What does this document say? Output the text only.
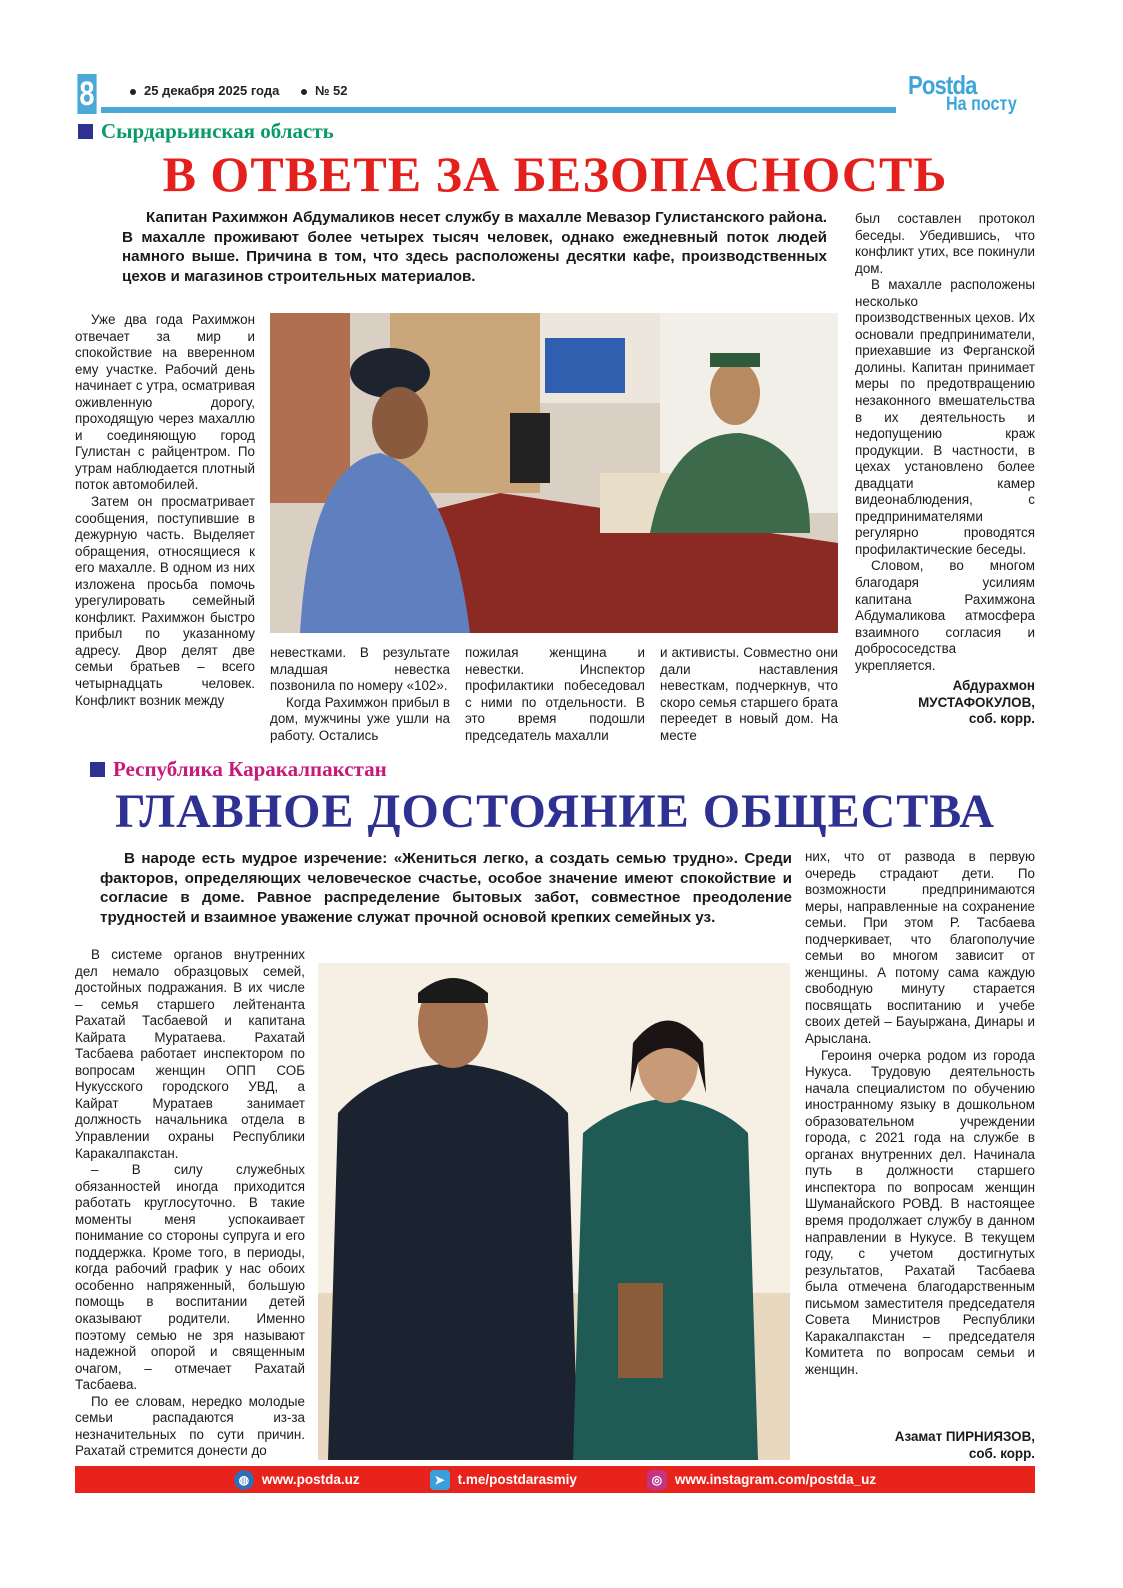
8	25 декабря 2025 года	№ 52	Postda
На посту
Сырдарьинская область
В ОТВЕТЕ ЗА БЕЗОПАСНОСТЬ
Капитан Рахимжон Абдумаликов несет службу в махалле Мевазор Гулистанского района. В махалле проживают более четырех тысяч человек, однако ежедневный поток людей намного выше. Причина в том, что здесь расположены десятки кафе, производственных цехов и магазинов строительных материалов.

Уже два года Рахимжон отвечает за мир и спокойствие на вверенном ему участке. Рабочий день начинает с утра, осматривая оживленную дорогу, проходящую через махаллю и соединяющую город Гулистан с райцентром. По утрам наблюдается плотный поток автомобилей.

Затем он просматривает сообщения, поступившие в дежурную часть. Выделяет обращения, относящиеся к его махалле. В одном из них изложена просьба помочь урегулировать семейный конфликт. Рахимжон быстро прибыл по указанному адресу. Двор делят две семьи братьев – всего четырнадцать человек. Конфликт возник между

невестками. В результате младшая невестка позвонила по номеру «102».

Когда Рахимжон прибыл в дом, мужчины уже ушли на работу. Остались

пожилая женщина и невестки. Инспектор профилактики побеседовал с ними по отдельности. В это время подошли председатель махалли

и активисты. Совместно они дали наставления невесткам, подчеркнув, что скоро семья старшего брата переедет в новый дом. На месте

был составлен протокол беседы. Убедившись, что конфликт утих, все покинули дом.

В махалле расположены несколько производственных цехов. Их основали предприниматели, приехавшие из Ферганской долины. Капитан принимает меры по предотвращению незаконного вмешательства в их деятельность и недопущению краж продукции. В частности, в цехах установлено более двадцати камер видеонаблюдения, с предпринимателями регулярно проводятся профилактические беседы.

Словом, во многом благодаря усилиям капитана Рахимжона Абдумаликова атмосфера взаимного согласия и добрососедства укрепляется.

Абдурахмон
МУСТАФОКУЛОВ,
соб. корр.
Республика Каракалпакстан
ГЛАВНОЕ ДОСТОЯНИЕ ОБЩЕСТВА
В народе есть мудрое изречение: «Жениться легко, а создать семью трудно». Среди факторов, определяющих человеческое счастье, особое значение имеют спокойствие и согласие в доме. Равное распределение бытовых забот, совместное преодоление трудностей и взаимное уважение служат прочной основой крепких семейных уз.

В системе органов внутренних дел немало образцовых семей, достойных подражания. В их числе – семья старшего лейтенанта Рахатай Тасбаевой и капитана Кайрата Муратаева. Рахатай Тасбаева работает инспектором по вопросам женщин ОПП СОБ Нукусского городского УВД, а Кайрат Муратаев занимает должность начальника отдела в Управлении охраны Республики Каракалпакстан.

– В силу служебных обязанностей иногда приходится работать круглосуточно. В такие моменты меня успокаивает понимание со стороны супруга и его поддержка. Кроме того, в периоды, когда рабочий график у нас обоих особенно напряженный, большую помощь в воспитании детей оказывают родители. Именно поэтому семью не зря называют надежной опорой и священным очагом, – отмечает Рахатай Тасбаева.

По ее словам, нередко молодые семьи распадаются из-за незначительных по сути причин. Рахатай стремится донести до

них, что от развода в первую очередь страдают дети. По возможности предпринимаются меры, направленные на сохранение семьи. При этом Р. Тасбаева подчеркивает, что благополучие семьи во многом зависит от женщины. А потому сама каждую свободную минуту старается посвящать воспитанию и учебе своих детей – Бауыржана, Динары и Арыслана.

Героиня очерка родом из города Нукуса. Трудовую деятельность начала специалистом по обучению иностранному языку в дошкольном образовательном учреждении города, с 2021 года на службе в органах внутренних дел. Начинала путь в должности старшего инспектора по вопросам женщин Шуманайского РОВД. В настоящее время продолжает службу в данном направлении в Нукусе. В текущем году, с учетом достигнутых результатов, Рахатай Тасбаева была отмечена благодарственным письмом заместителя председателя Совета Министров Республики Каракалпакстан – председателя Комитета по вопросам семьи и женщин.

Азамат ПИРНИЯЗОВ,
соб. корр.
◍ www.postda.uz	➤ t.me/postdarasmiy	◎ www.instagram.com/postda_uz
